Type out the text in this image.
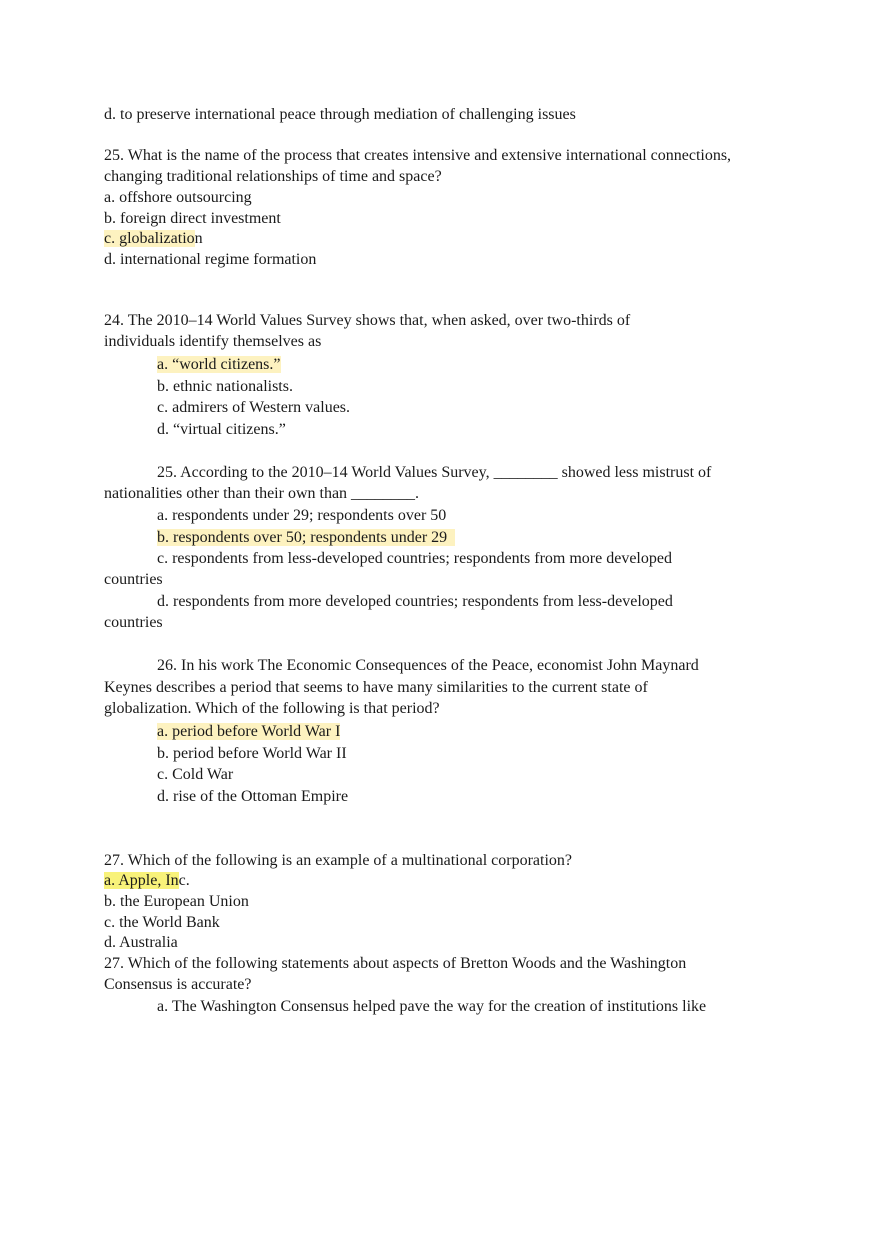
d. to preserve international peace through mediation of challenging issues
25. What is the name of the process that creates intensive and extensive international connections,
changing traditional relationships of time and space?
a. offshore outsourcing
b. foreign direct investment
c. globalization
d. international regime formation
24. The 2010–14 World Values Survey shows that, when asked, over two-thirds of
individuals identify themselves as
a. “world citizens.”
b. ethnic nationalists.
c. admirers of Western values.
d. “virtual citizens.”
25. According to the 2010–14 World Values Survey, ________ showed less mistrust of
nationalities other than their own than ________.
a. respondents under 29; respondents over 50
b. respondents over 50; respondents under 29
c. respondents from less-developed countries; respondents from more developed
countries
d. respondents from more developed countries; respondents from less-developed
countries
26. In his work The Economic Consequences of the Peace, economist John Maynard
Keynes describes a period that seems to have many similarities to the current state of
globalization. Which of the following is that period?
a. period before World War I
b. period before World War II
c. Cold War
d. rise of the Ottoman Empire
27. Which of the following is an example of a multinational corporation?
a. Apple, Inc.
b. the European Union
c. the World Bank
d. Australia
27. Which of the following statements about aspects of Bretton Woods and the Washington
Consensus is accurate?
a. The Washington Consensus helped pave the way for the creation of institutions like
